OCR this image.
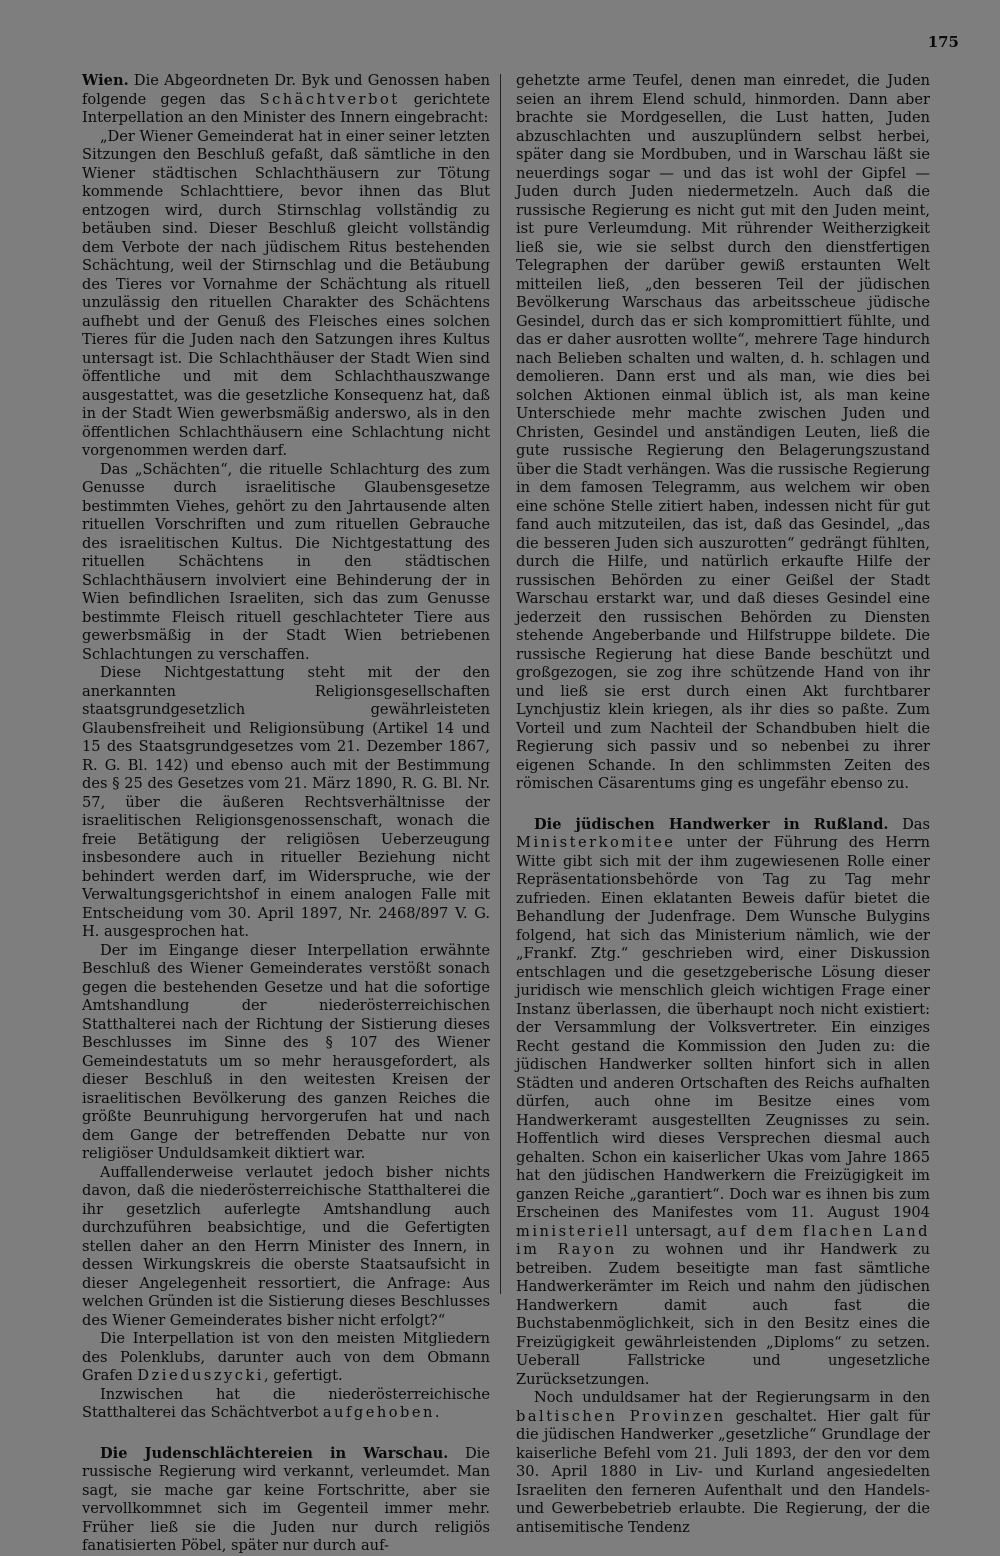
175

Wien. Die Abgeordneten Dr. Byk und Genossen haben folgende gegen das Schächtverbot gerichtete Interpellation an den Minister des Innern eingebracht:

„Der Wiener Gemeinderat hat in einer seiner letzten Sitzungen den Beschluß gefaßt, daß sämtliche in den Wiener städtischen Schlachthäusern zur Tötung kommende Schlachttiere, bevor ihnen das Blut entzogen wird, durch Stirnschlag vollständig zu betäuben sind. Dieser Beschluß gleicht vollständig dem Verbote der nach jüdischem Ritus bestehenden Schächtung, weil der Stirnschlag und die Betäubung des Tieres vor Vornahme der Schächtung als rituell unzulässig den rituellen Charakter des Schächtens aufhebt und der Genuß des Fleisches eines solchen Tieres für die Juden nach den Satzungen ihres Kultus untersagt ist. Die Schlachthäuser der Stadt Wien sind öffentliche und mit dem Schlachthauszwange ausgestattet, was die gesetzliche Konsequenz hat, daß in der Stadt Wien gewerbsmäßig anderswo, als in den öffentlichen Schlachthäusern eine Schlachtung nicht vorgenommen werden darf.

Das „Schächten“, die rituelle Schlachturg des zum Genusse durch israelitische Glaubensgesetze bestimmten Viehes, gehört zu den Jahrtausende alten rituellen Vorschriften und zum rituellen Gebrauche des israelitischen Kultus. Die Nichtgestattung des rituellen Schächtens in den städtischen Schlachthäusern involviert eine Behinderung der in Wien befindlichen Israeliten, sich das zum Genusse bestimmte Fleisch rituell geschlachteter Tiere aus gewerbsmäßig in der Stadt Wien betriebenen Schlachtungen zu verschaffen.

Diese Nichtgestattung steht mit der den anerkannten Religionsgesellschaften staatsgrundgesetzlich gewährleisteten Glaubensfreiheit und Religionsübung (Artikel 14 und 15 des Staatsgrundgesetzes vom 21. Dezember 1867, R. G. Bl. 142) und ebenso auch mit der Bestimmung des § 25 des Gesetzes vom 21. März 1890, R. G. Bl. Nr. 57, über die äußeren Rechtsverhältnisse der israelitischen Religionsgenossenschaft, wonach die freie Betätigung der religiösen Ueberzeugung insbesondere auch in ritueller Beziehung nicht behindert werden darf, im Widerspruche, wie der Verwaltungsgerichtshof in einem analogen Falle mit Entscheidung vom 30. April 1897, Nr. 2468/897 V. G. H. ausgesprochen hat.

Der im Eingange dieser Interpellation erwähnte Beschluß des Wiener Gemeinderates verstößt sonach gegen die bestehenden Gesetze und hat die sofortige Amtshandlung der niederösterreichischen Statthalterei nach der Richtung der Sistierung dieses Beschlusses im Sinne des § 107 des Wiener Gemeindestatuts um so mehr herausgefordert, als dieser Beschluß in den weitesten Kreisen der israelitischen Bevölkerung des ganzen Reiches die größte Beunruhigung hervorgerufen hat und nach dem Gange der betreffenden Debatte nur von religiöser Unduldsamkeit diktiert war.

Auffallenderweise verlautet jedoch bisher nichts davon, daß die niederösterreichische Statthalterei die ihr gesetzlich auferlegte Amtshandlung auch durchzuführen beabsichtige, und die Gefertigten stellen daher an den Herrn Minister des Innern, in dessen Wirkungskreis die oberste Staatsaufsicht in dieser Angelegenheit ressortiert, die Anfrage: Aus welchen Gründen ist die Sistierung dieses Beschlusses des Wiener Gemeinderates bisher nicht erfolgt?“

Die Interpellation ist von den meisten Mitgliedern des Polenklubs, darunter auch von dem Obmann Grafen Dzieduszycki, gefertigt.

Inzwischen hat die niederösterreichische Statthalterei das Schächtverbot aufgehoben.

Die Judenschlächtereien in Warschau. Die russische Regierung wird verkannt, verleumdet. Man sagt, sie mache gar keine Fortschritte, aber sie vervollkommnet sich im Gegenteil immer mehr. Früher ließ sie die Juden nur durch religiös fanatisierten Pöbel, später nur durch auf-

gehetzte arme Teufel, denen man einredet, die Juden seien an ihrem Elend schuld, hinmorden. Dann aber brachte sie Mordgesellen, die Lust hatten, Juden abzuschlachten und auszuplündern selbst herbei, später dang sie Mordbuben, und in Warschau läßt sie neuerdings sogar — und das ist wohl der Gipfel — Juden durch Juden niedermetzeln. Auch daß die russische Regierung es nicht gut mit den Juden meint, ist pure Verleumdung. Mit rührender Weitherzigkeit ließ sie, wie sie selbst durch den dienstfertigen Telegraphen der darüber gewiß erstaunten Welt mitteilen ließ, „den besseren Teil der jüdischen Bevölkerung Warschaus das arbeitsscheue jüdische Gesindel, durch das er sich kompromittiert fühlte, und das er daher ausrotten wollte“, mehrere Tage hindurch nach Belieben schalten und walten, d. h. schlagen und demolieren. Dann erst und als man, wie dies bei solchen Aktionen einmal üblich ist, als man keine Unterschiede mehr machte zwischen Juden und Christen, Gesindel und anständigen Leuten, ließ die gute russische Regierung den Belagerungszustand über die Stadt verhängen. Was die russische Regierung in dem famosen Telegramm, aus welchem wir oben eine schöne Stelle zitiert haben, indessen nicht für gut fand auch mitzuteilen, das ist, daß das Gesindel, „das die besseren Juden sich auszurotten“ gedrängt fühlten, durch die Hilfe, und natürlich erkaufte Hilfe der russischen Behörden zu einer Geißel der Stadt Warschau erstarkt war, und daß dieses Gesindel eine jederzeit den russischen Behörden zu Diensten stehende Angeberbande und Hilfstruppe bildete. Die russische Regierung hat diese Bande beschützt und großgezogen, sie zog ihre schützende Hand von ihr und ließ sie erst durch einen Akt furchtbarer Lynchjustiz klein kriegen, als ihr dies so paßte. Zum Vorteil und zum Nachteil der Schandbuben hielt die Regierung sich passiv und so nebenbei zu ihrer eigenen Schande. In den schlimmsten Zeiten des römischen Cäsarentums ging es ungefähr ebenso zu.

Die jüdischen Handwerker in Rußland. Das Ministerkomitee unter der Führung des Herrn Witte gibt sich mit der ihm zugewiesenen Rolle einer Repräsentationsbehörde von Tag zu Tag mehr zufrieden. Einen eklatanten Beweis dafür bietet die Behandlung der Judenfrage. Dem Wunsche Bulygins folgend, hat sich das Ministerium nämlich, wie der „Frankf. Ztg.“ geschrieben wird, einer Diskussion entschlagen und die gesetzgeberische Lösung dieser juridisch wie menschlich gleich wichtigen Frage einer Instanz überlassen, die überhaupt noch nicht existiert: der Versammlung der Volksvertreter. Ein einziges Recht gestand die Kommission den Juden zu: die jüdischen Handwerker sollten hinfort sich in allen Städten und anderen Ortschaften des Reichs aufhalten dürfen, auch ohne im Besitze eines vom Handwerkeramt ausgestellten Zeugnisses zu sein. Hoffentlich wird dieses Versprechen diesmal auch gehalten. Schon ein kaiserlicher Ukas vom Jahre 1865 hat den jüdischen Handwerkern die Freizügigkeit im ganzen Reiche „garantiert“. Doch war es ihnen bis zum Erscheinen des Manifestes vom 11. August 1904 ministeriell untersagt, auf dem flachen Land im Rayon zu wohnen und ihr Handwerk zu betreiben. Zudem beseitigte man fast sämtliche Handwerkerämter im Reich und nahm den jüdischen Handwerkern damit auch fast die Buchstabenmöglichkeit, sich in den Besitz eines die Freizügigkeit gewährleistenden „Diploms“ zu setzen. Ueberall Fallstricke und ungesetzliche Zurücksetzungen.

Noch unduldsamer hat der Regierungsarm in den baltischen Provinzen geschaltet. Hier galt für die jüdischen Handwerker „gesetzliche“ Grundlage der kaiserliche Befehl vom 21. Juli 1893, der den vor dem 30. April 1880 in Liv- und Kurland angesiedelten Israeliten den ferneren Aufenthalt und den Handels- und Gewerbebetrieb erlaubte. Die Regierung, der die antisemitische Tendenz
